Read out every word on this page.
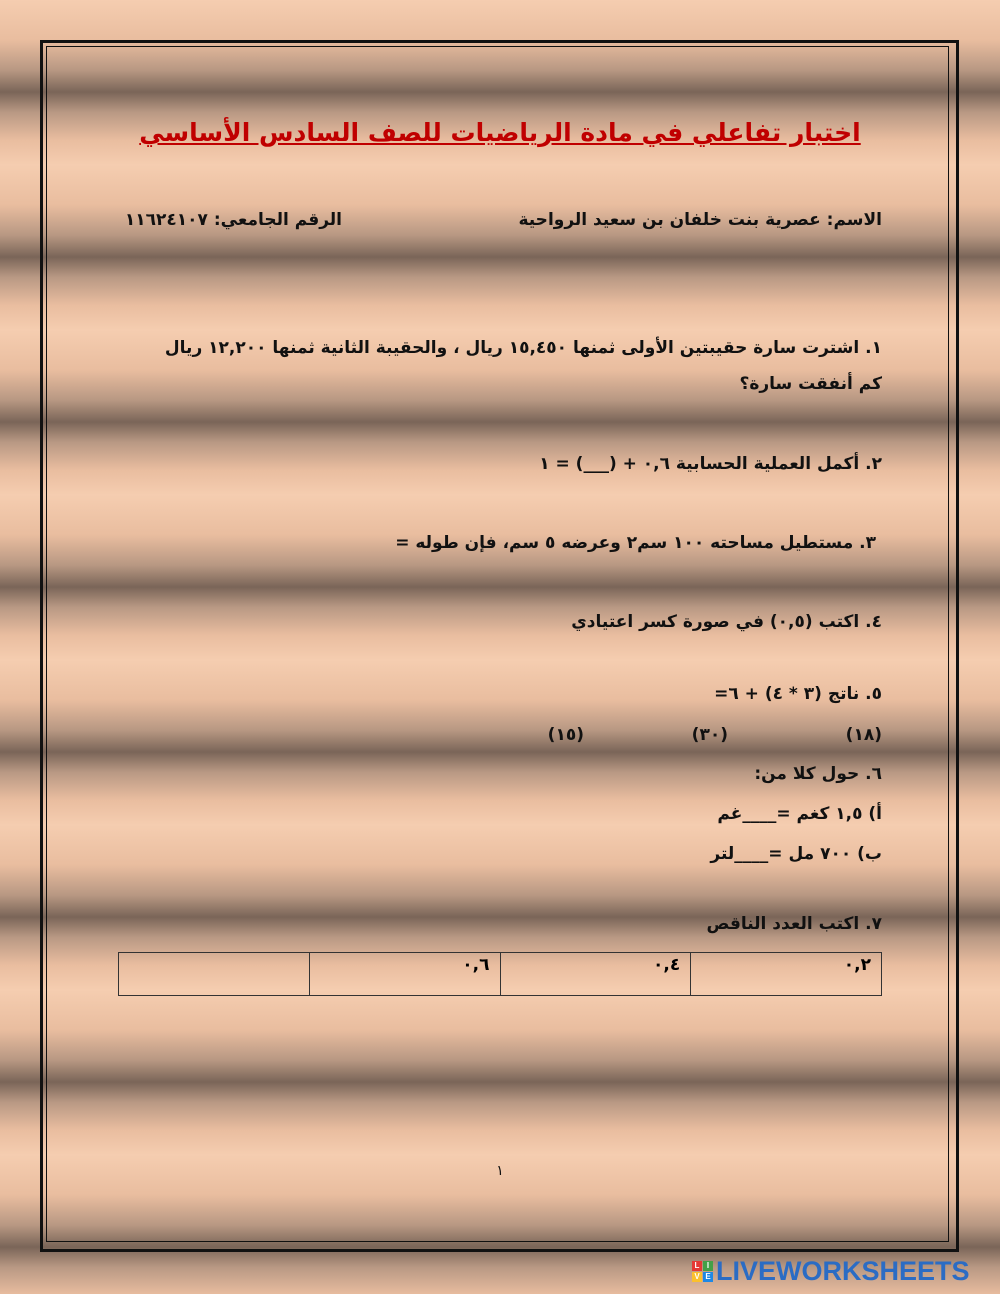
اختبار تفاعلي في مادة الرياضيات للصف السادس الأساسي
الاسم: عصرية بنت خلفان بن سعيد الرواحية
الرقم الجامعي: ١١٦٢٤١٠٧
١. اشترت سارة حقيبتين الأولى ثمنها ١٥,٤٥٠ ريال ، والحقيبة الثانية ثمنها ١٢,٢٠٠ ريال
كم أنفقت سارة؟
٢. أكمل العملية الحسابية ٠,٦ + (___) = ١
٣. مستطيل مساحته ١٠٠ سم٢ وعرضه ٥ سم، فإن طوله =
٤. اكتب (٠,٥) في صورة كسر اعتيادي
٥. ناتج (٣ * ٤) + ٦=
(١٨)
(٣٠)
(١٥)
٦. حول كلا من:
أ) ١,٥ كغم =____غم
ب) ٧٠٠ مل =____لتر
٧. اكتب العدد الناقص
٠,٢	٠,٤	٠,٦	
١
L I
V E LIVEWORKSHEETS
